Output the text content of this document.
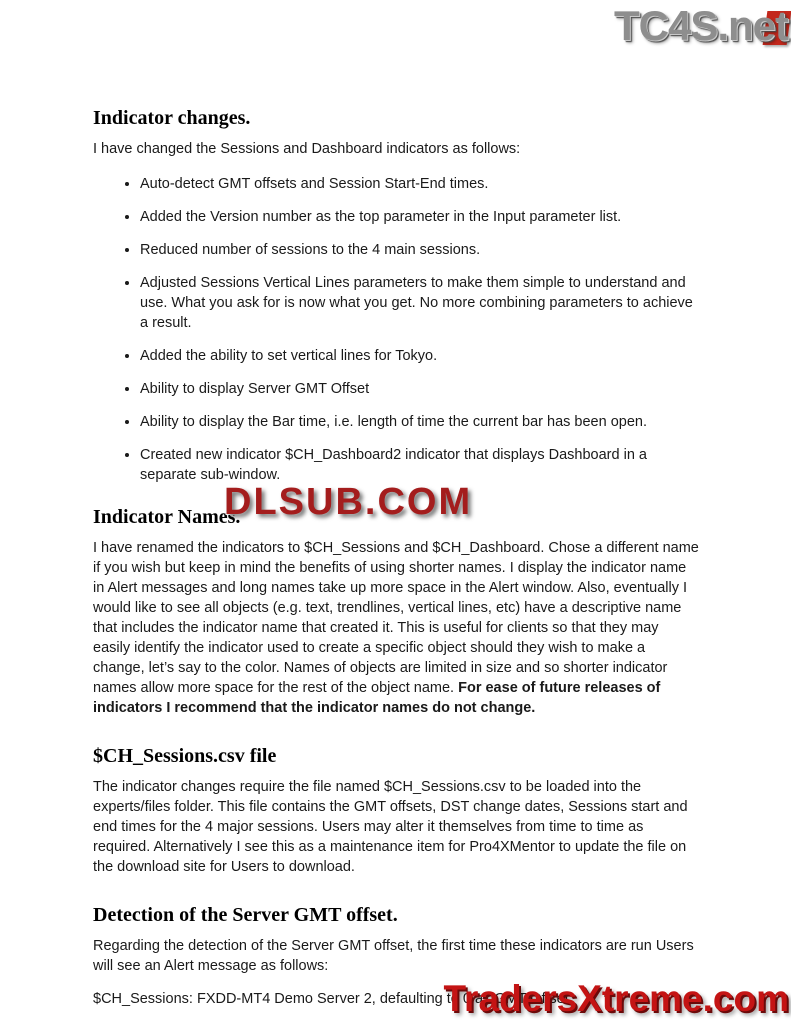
TC4S.net
DLSUB.COM
Indicator changes.

I have changed the Sessions and Dashboard indicators as follows:

• Auto-detect GMT offsets and Session Start-End times.
• Added the Version number as the top parameter in the Input parameter list.
• Reduced number of sessions to the 4 main sessions.
• Adjusted Sessions Vertical Lines parameters to make them simple to understand and use. What you ask for is now what you get. No more combining parameters to achieve a result.
• Added the ability to set vertical lines for Tokyo.
• Ability to display Server GMT Offset
• Ability to display the Bar time, i.e. length of time the current bar has been open.
• Created new indicator $CH_Dashboard2 indicator that displays Dashboard in a separate sub-window.
Indicator Names.

I have renamed the indicators to $CH_Sessions and $CH_Dashboard. Chose a different name if you wish but keep in mind the benefits of using shorter names. I display the indicator name in Alert messages and long names take up more space in the Alert window. Also, eventually I would like to see all objects (e.g. text, trendlines, vertical lines, etc) have a descriptive name that includes the indicator name that created it. This is useful for clients so that they may easily identify the indicator used to create a specific object should they wish to make a change, let’s say to the color. Names of objects are limited in size and so shorter indicator names allow more space for the rest of the object name. For ease of future releases of indicators I recommend that the indicator names do not change.

$CH_Sessions.csv file

The indicator changes require the file named $CH_Sessions.csv to be loaded into the experts/files folder. This file contains the GMT offsets, DST change dates, Sessions start and end times for the 4 major sessions. Users may alter it themselves from time to time as required. Alternatively I see this as a maintenance item for Pro4XMentor to update the file on the download site for Users to download.

Detection of the Server GMT offset.

Regarding the detection of the Server GMT offset, the first time these indicators are run Users will see an Alert message as follows:

$CH_Sessions: FXDD-MT4 Demo Server 2, defaulting to 0 as GMT Offset.

TradersXtreme.com
